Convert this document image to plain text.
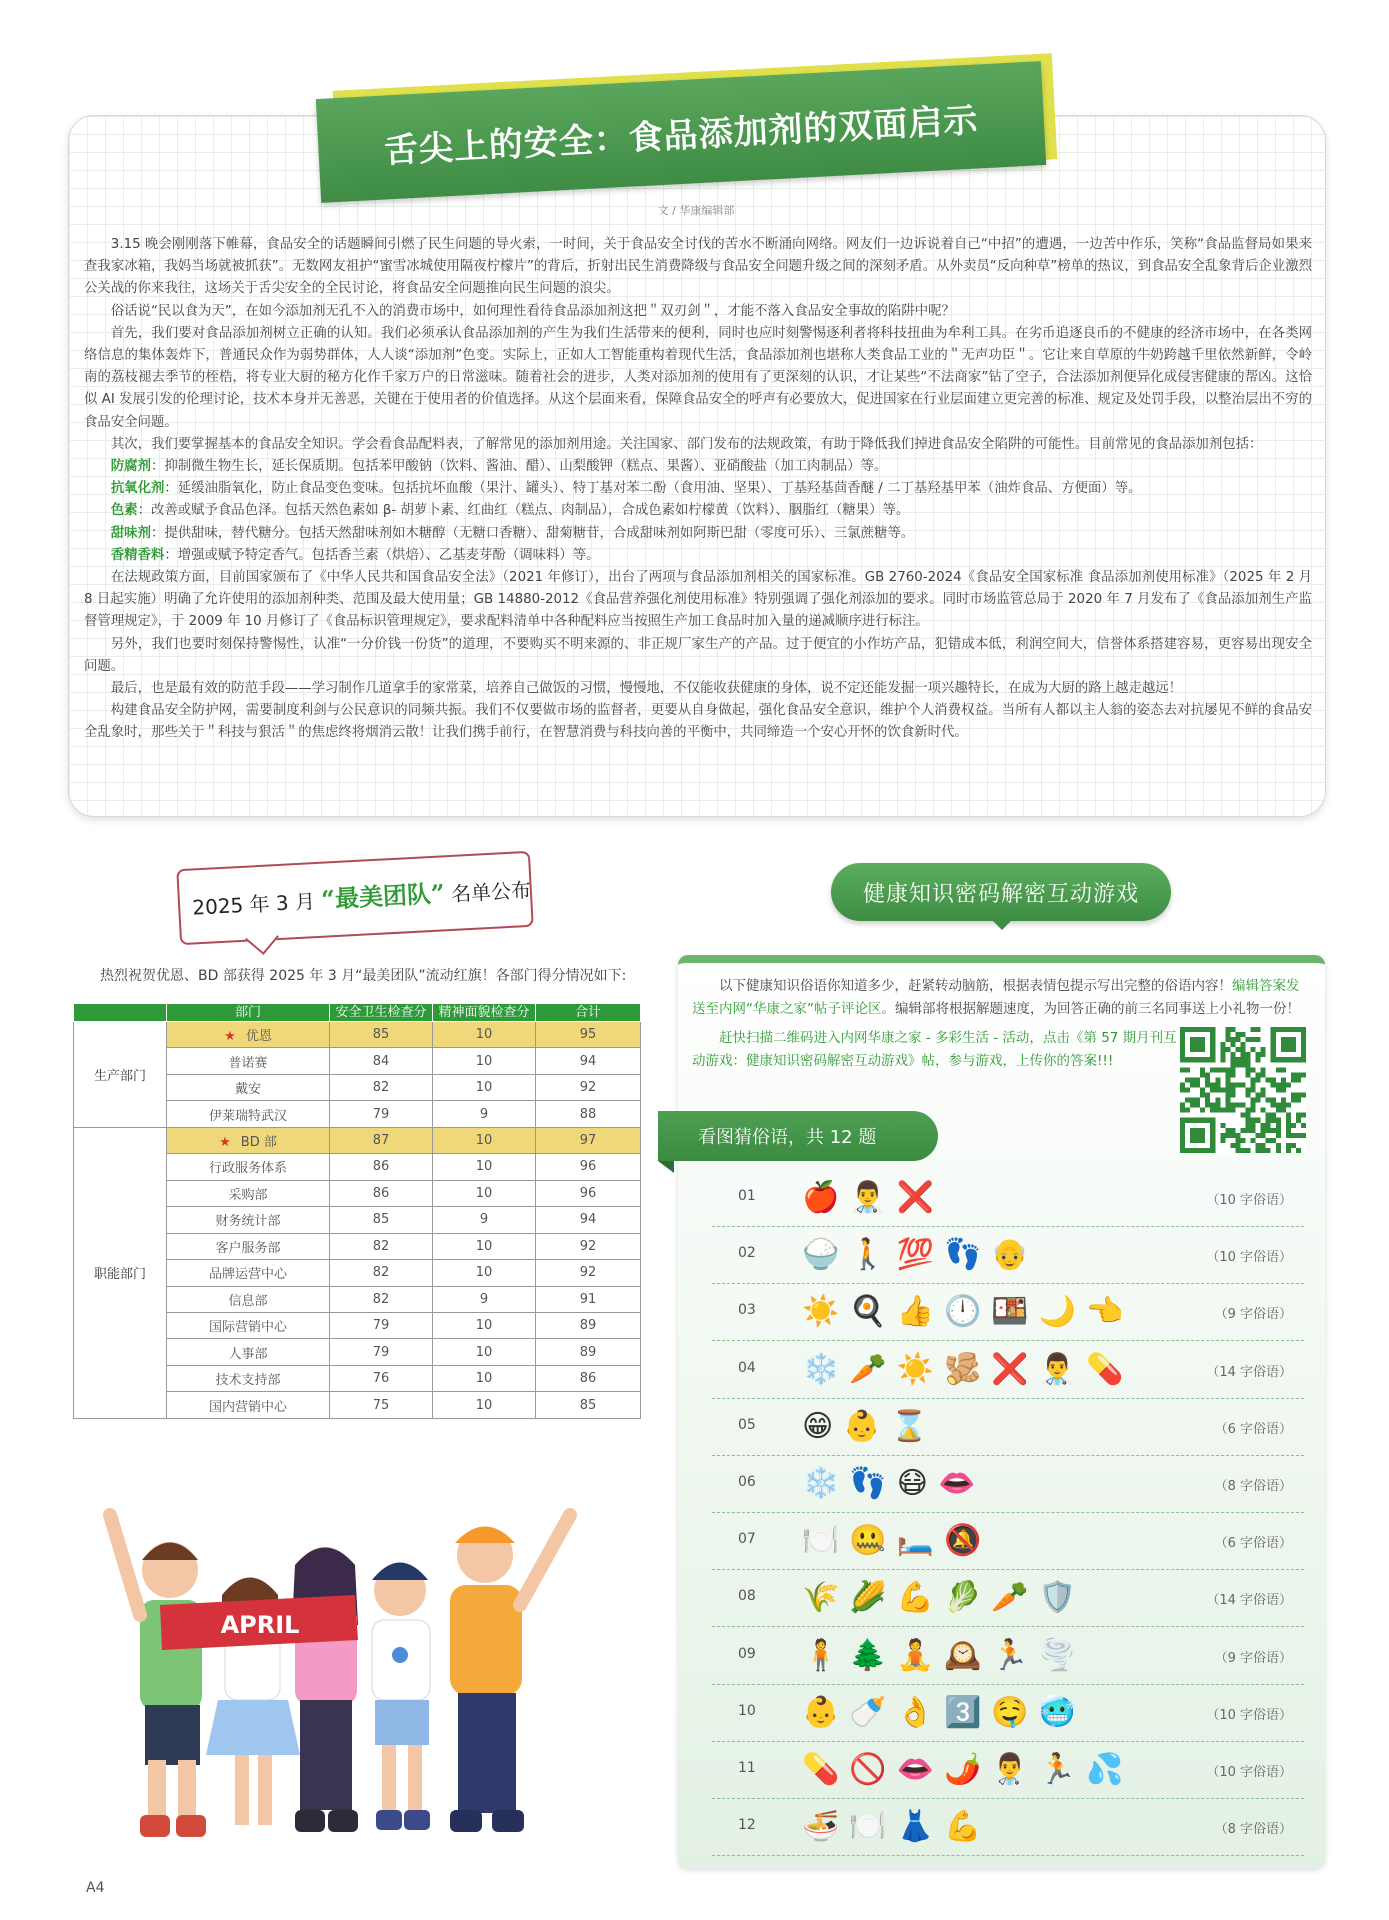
舌尖上的安全：食品添加剂的双面启示
文 / 华康编辑部

3.15 晚会刚刚落下帷幕，食品安全的话题瞬间引燃了民生问题的导火索，一时间，关于食品安全讨伐的苦水不断涌向网络。网友们一边诉说着自己“中招”的遭遇，一边苦中作乐，笑称“食品监督局如果来查我家冰箱，我妈当场就被抓获”。无数网友祖护“蜜雪冰城使用隔夜柠檬片”的背后，折射出民生消费降级与食品安全问题升级之间的深刻矛盾。从外卖员“反向种草”榜单的热议，到食品安全乱象背后企业激烈公关战的你来我往，这场关于舌尖安全的全民讨论，将食品安全问题推向民生问题的浪尖。

俗话说“民以食为天”，在如今添加剂无孔不入的消费市场中，如何理性看待食品添加剂这把＂双刃剑＂，才能不落入食品安全事故的陷阱中呢？

首先，我们要对食品添加剂树立正确的认知。我们必须承认食品添加剂的产生为我们生活带来的便利，同时也应时刻警惕逐利者将科技扭曲为牟利工具。在劣币追逐良币的不健康的经济市场中，在各类网络信息的集体轰炸下，普通民众作为弱势群体，人人谈“添加剂”色变。实际上，正如人工智能重构着现代生活，食品添加剂也堪称人类食品工业的＂无声功臣＂。它让来自草原的牛奶跨越千里依然新鲜，令岭南的荔枝褪去季节的桎梏，将专业大厨的秘方化作千家万户的日常滋味。随着社会的进步，人类对添加剂的使用有了更深刻的认识，才让某些“不法商家”钻了空子，合法添加剂便异化成侵害健康的帮凶。这恰似 AI 发展引发的伦理讨论，技术本身并无善恶，关键在于使用者的价值选择。从这个层面来看，保障食品安全的呼声有必要放大，促进国家在行业层面建立更完善的标准、规定及处罚手段，以整治层出不穷的食品安全问题。

其次，我们要掌握基本的食品安全知识。学会看食品配料表，了解常见的添加剂用途。关注国家、部门发布的法规政策，有助于降低我们掉进食品安全陷阱的可能性。目前常见的食品添加剂包括：

防腐剂：抑制微生物生长，延长保质期。包括苯甲酸钠（饮料、酱油、醋）、山梨酸钾（糕点、果酱）、亚硝酸盐（加工肉制品）等。

抗氧化剂：延缓油脂氧化，防止食品变色变味。包括抗坏血酸（果汁、罐头）、特丁基对苯二酚（食用油、坚果）、丁基羟基茴香醚 / 二丁基羟基甲苯（油炸食品、方便面）等。

色素：改善或赋予食品色泽。包括天然色素如 β- 胡萝卜素、红曲红（糕点、肉制品），合成色素如柠檬黄（饮料）、胭脂红（糖果）等。

甜味剂：提供甜味，替代糖分。包括天然甜味剂如木糖醇（无糖口香糖）、甜菊糖苷，合成甜味剂如阿斯巴甜（零度可乐）、三氯蔗糖等。

香精香料：增强或赋予特定香气。包括香兰素（烘焙）、乙基麦芽酚（调味料）等。

在法规政策方面，目前国家颁布了《中华人民共和国食品安全法》（2021 年修订），出台了两项与食品添加剂相关的国家标准。GB 2760-2024《食品安全国家标准 食品添加剂使用标准》（2025 年 2 月 8 日起实施）明确了允许使用的添加剂种类、范围及最大使用量；GB 14880-2012《食品营养强化剂使用标准》特别强调了强化剂添加的要求。同时市场监管总局于 2020 年 7 月发布了《食品添加剂生产监督管理规定》，于 2009 年 10 月修订了《食品标识管理规定》，要求配料清单中各种配料应当按照生产加工食品时加入量的递减顺序进行标注。

另外，我们也要时刻保持警惕性，认准“一分价钱一份货”的道理，不要购买不明来源的、非正规厂家生产的产品。过于便宜的小作坊产品，犯错成本低，利润空间大，信誉体系搭建容易，更容易出现安全问题。

最后，也是最有效的防范手段——学习制作几道拿手的家常菜，培养自己做饭的习惯，慢慢地，不仅能收获健康的身体，说不定还能发掘一项兴趣特长，在成为大厨的路上越走越远！

构建食品安全防护网，需要制度利剑与公民意识的同频共振。我们不仅要做市场的监督者，更要从自身做起，强化食品安全意识，维护个人消费权益。当所有人都以主人翁的姿态去对抗屡见不鲜的食品安全乱象时，那些关于＂科技与狠活＂的焦虑终将烟消云散！让我们携手前行，在智慧消费与科技向善的平衡中，共同缔造一个安心开怀的饮食新时代。

2025 年 3 月 “最美团队” 名单公布
热烈祝贺优恩、BD 部获得 2025 年 3 月“最美团队”流动红旗！各部门得分情况如下:
	部门	安全卫生检查分	精神面貌检查分	合计
生产部门	★ 优恩	85	10	95
	普诺赛	84	10	94
	戴安	82	10	92
	伊莱瑞特武汉	79	9	88
职能部门	★ BD 部	87	10	97
	行政服务体系	86	10	96
	采购部	86	10	96
	财务统计部	85	9	94
	客户服务部	82	10	92
	品牌运营中心	82	10	92
	信息部	82	9	91
	国际营销中心	79	10	89
	人事部	79	10	89
	技术支持部	76	10	86
	国内营销中心	75	10	85
APRIL
A4
健康知识密码解密互动游戏

以下健康知识俗语你知道多少，赶紧转动脑筋，根据表情包提示写出完整的俗语内容！编辑答案发送至内网“华康之家”帖子评论区。编辑部将根据解题速度，为回答正确的前三名同事送上小礼物一份！

赶快扫描二维码进入内网华康之家 - 多彩生活 - 活动，点击《第 57 期月刊互动游戏：健康知识密码解密互动游戏》帖，参与游戏，上传你的答案!!!

看图猜俗语，共 12 题
01 🍎👨‍⚕️❌	（10 字俗语）
02 🍚🚶💯👣👴	（10 字俗语）
03 ☀️🍳👍🕛🍱🌙👈	（9 字俗语）
04 ❄️🥕☀️🫚❌👨‍⚕️💊	（14 字俗语）
05 😁👶⌛	（6 字俗语）
06 ❄️👣😷👄	（8 字俗语）
07 🍽️🤐🛏️🔕	（6 字俗语）
08 🌾🌽💪🥬🥕🛡️	（14 字俗语）
09 🧍🌲🧘🕰️🏃🌪️	（9 字俗语）
10 👶🍼👌3️⃣🤤🥶	（10 字俗语）
11 💊🚫👄🌶️👨‍⚕️🏃💦	（10 字俗语）
12 🍜🍽️👗💪	（8 字俗语）
